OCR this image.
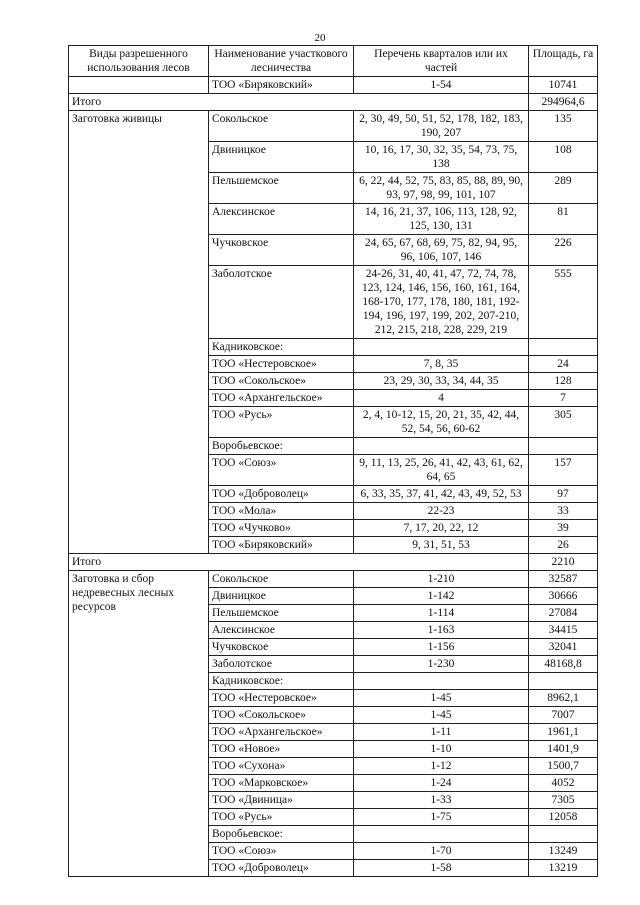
20
Виды разрешенного использования лесов	Наименование участкового лесничества	Перечень кварталов или их частей	Площадь, га
	ТОО «Биряковский»	1-54	10741
Итого			294964,6
Заготовка живицы	Сокольское	2, 30, 49, 50, 51, 52, 178, 182, 183, 190, 207	135
	Двиницкое	10, 16, 17, 30, 32, 35, 54, 73, 75, 138	108
	Пельшемское	6, 22, 44, 52, 75, 83, 85, 88, 89, 90, 93, 97, 98, 99, 101, 107	289
	Алексинское	14, 16, 21, 37, 106, 113, 128, 92, 125, 130, 131	81
	Чучковское	24, 65, 67, 68, 69, 75, 82, 94, 95, 96, 106, 107, 146	226
	Заболотское	24-26, 31, 40, 41, 47, 72, 74, 78, 123, 124, 146, 156, 160, 161, 164, 168-170, 177, 178, 180, 181, 192-194, 196, 197, 199, 202, 207-210, 212, 215, 218, 228, 229, 219	555
	Кадниковское:		
	ТОО «Нестеровское»	7, 8, 35	24
	ТОО «Сокольское»	23, 29, 30, 33, 34, 44, 35	128
	ТОО «Архангельское»	4	7
	ТОО «Русь»	2, 4, 10-12, 15, 20, 21, 35, 42, 44, 52, 54, 56, 60-62	305
	Воробьевское:		
	ТОО «Союз»	9, 11, 13, 25, 26, 41, 42, 43, 61, 62, 64, 65	157
	ТОО «Доброволец»	6, 33, 35, 37, 41, 42, 43, 49, 52, 53	97
	ТОО «Мола»	22-23	33
	ТОО «Чучково»	7, 17, 20, 22, 12	39
	ТОО «Биряковский»	9, 31, 51, 53	26
Итого			2210
Заготовка и сбор недревесных лесных ресурсов	Сокольское	1-210	32587
	Двиницкое	1-142	30666
	Пельшемское	1-114	27084
	Алексинское	1-163	34415
	Чучковское	1-156	32041
	Заболотское	1-230	48168,8
	Кадниковское:		
	ТОО «Нестеровское»	1-45	8962,1
	ТОО «Сокольское»	1-45	7007
	ТОО «Архангельское»	1-11	1961,1
	ТОО «Новое»	1-10	1401,9
	ТОО «Сухона»	1-12	1500,7
	ТОО «Марковское»	1-24	4052
	ТОО «Двиница»	1-33	7305
	ТОО «Русь»	1-75	12058
	Воробьевское:		
	ТОО «Союз»	1-70	13249
	ТОО «Доброволец»	1-58	13219
